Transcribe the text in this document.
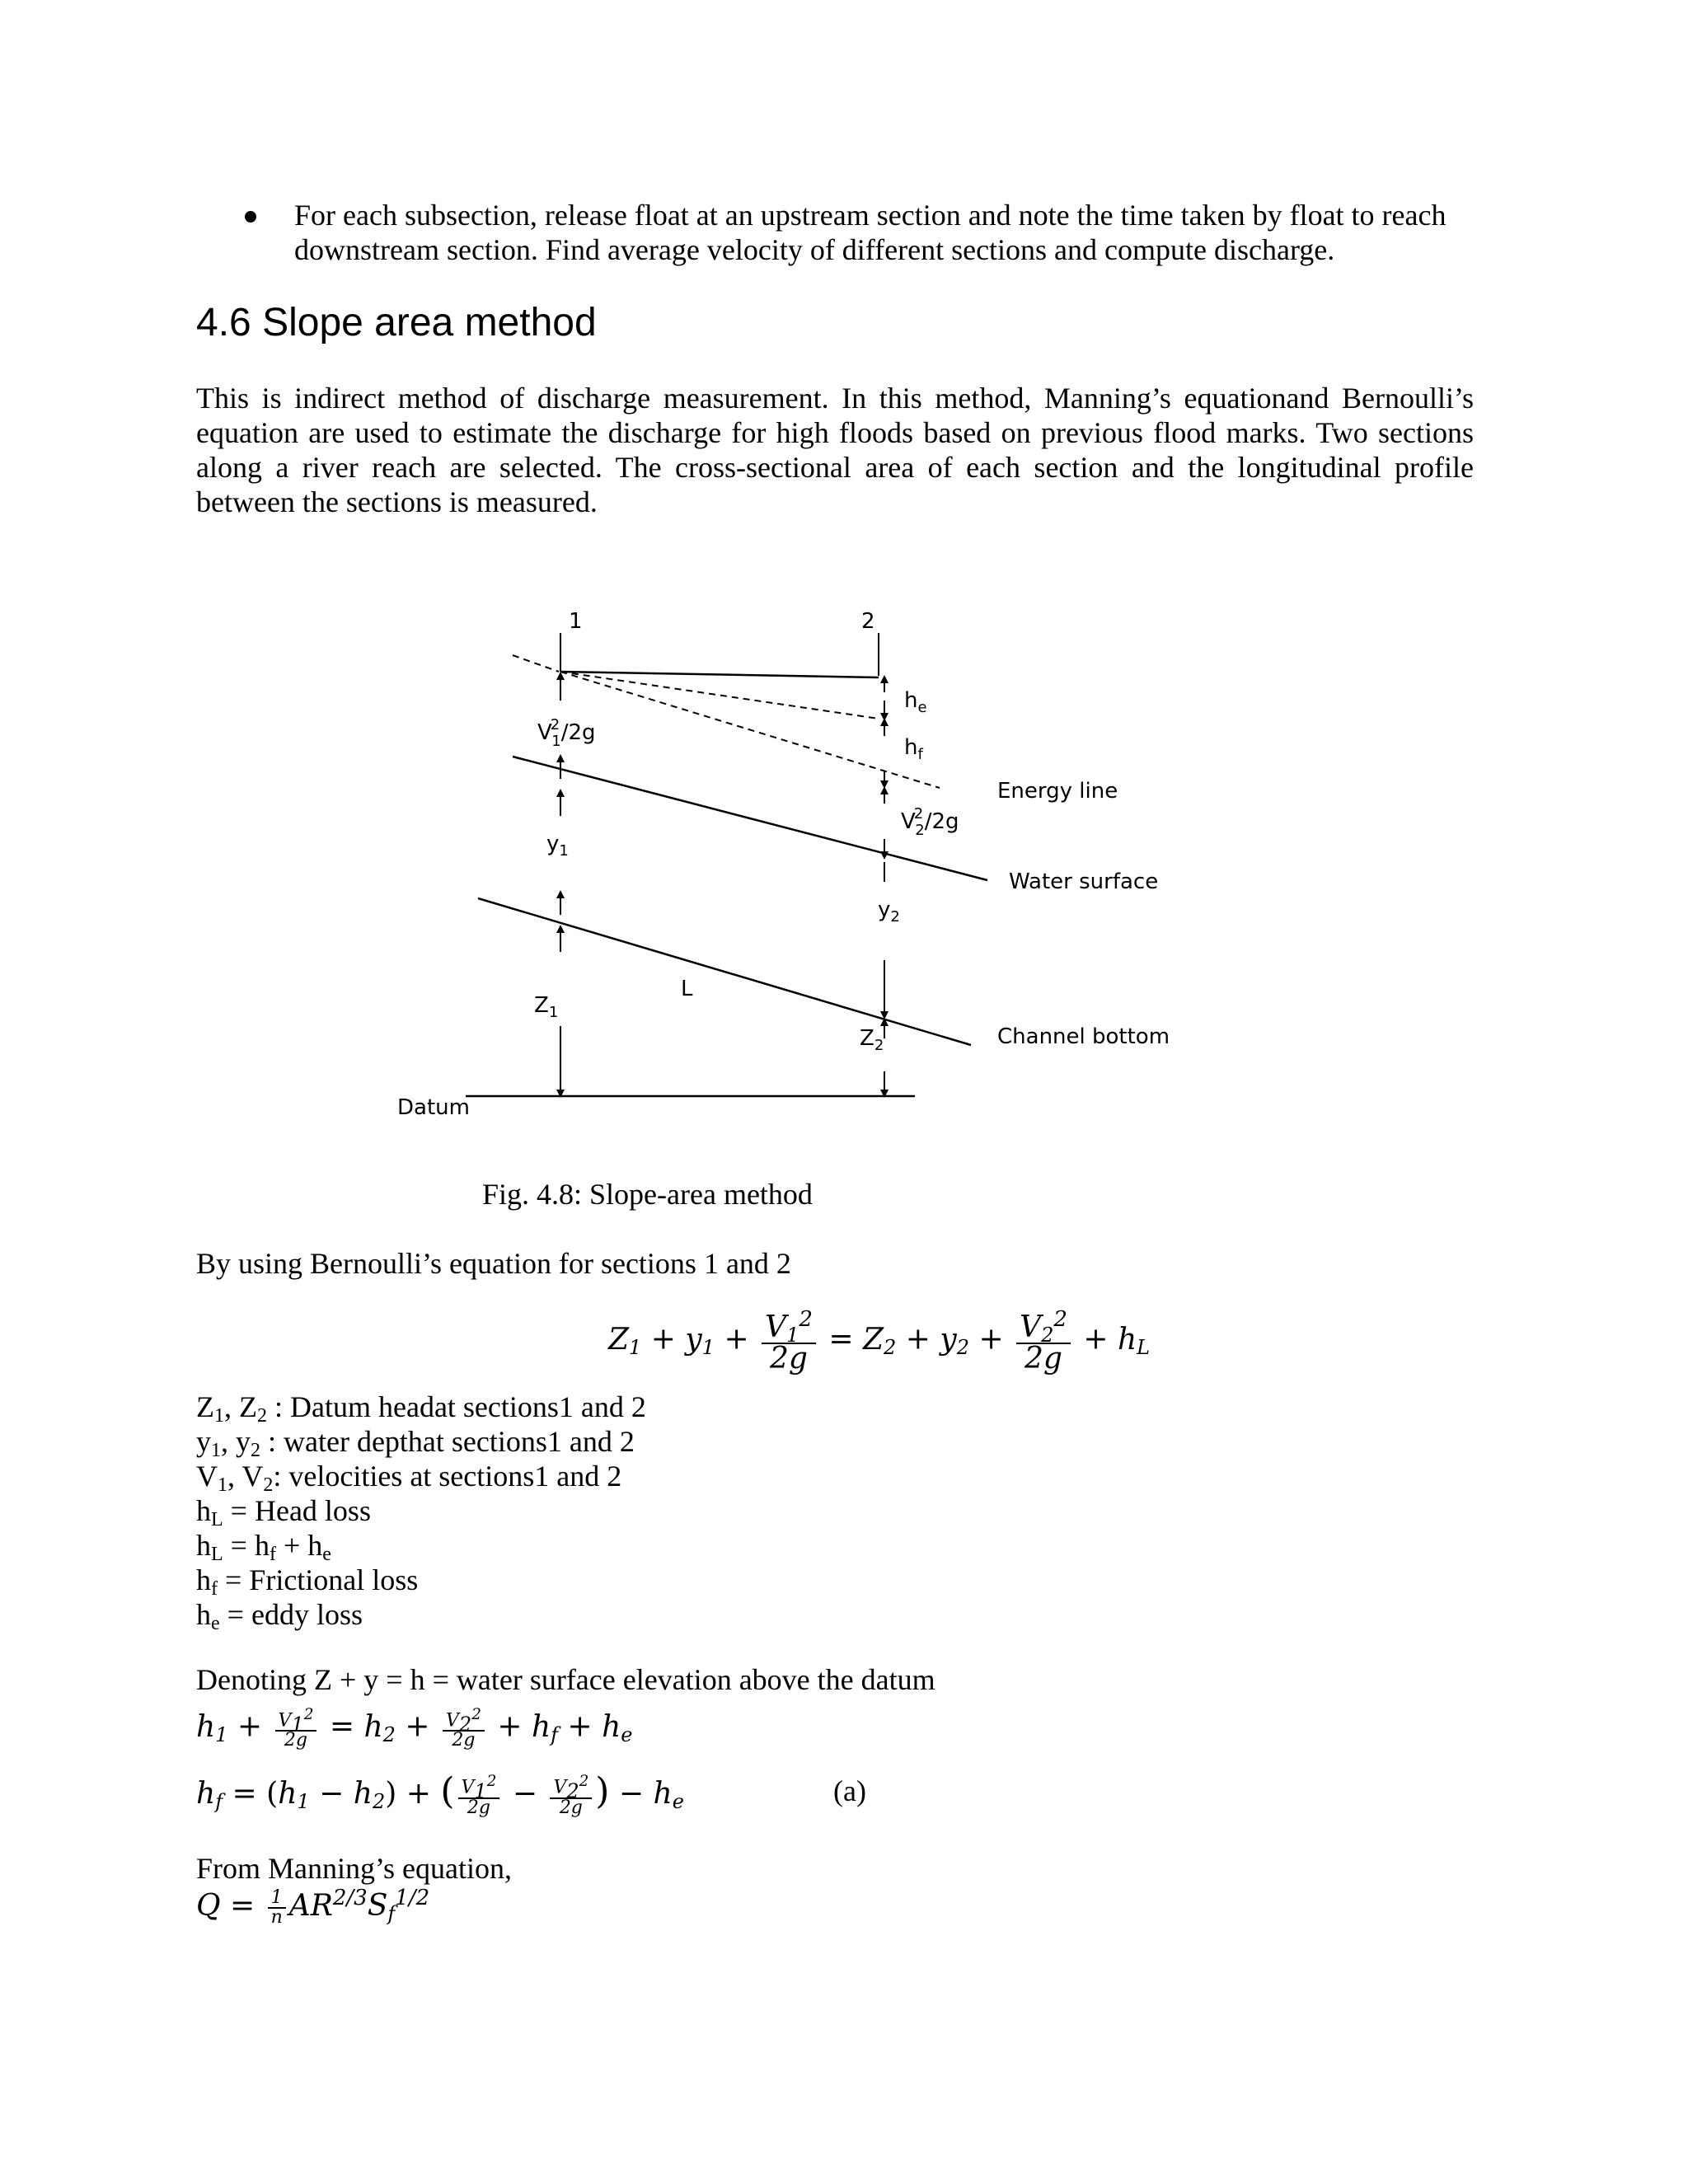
For each subsection, release float at an upstream section and note the time taken by float to reach downstream section. Find average velocity of different sections and compute discharge.
4.6 Slope area method
This is indirect method of discharge measurement. In this method, Manning’s equationand Bernoulli’s equation are used to estimate the discharge for high floods based on previous flood marks. Two sections along a river reach are selected. The cross-sectional area of each section and the longitudinal profile between the sections is measured.
1	2
V2 1/2g
$y_1$
$Z_1$
$h_e$
$h_f$
V2 2/2g
$y_2$
$Z_2$
L
Energy line
Water surface
Channel bottom
Datum
Fig. 4.8: Slope-area method
By using Bernoulli’s equation for sections 1 and 2
$Z_1 + y_1 + \frac{V_1^2}{2g} = Z_2 + y_2 + \frac{V_2^2}{2g} + h_L$
$Z_1$, $Z_2$ : Datum headat sections1 and 2
$y_1$, $y_2$ : water depthat sections1 and 2
$V_1$, $V_2$: velocities at sections1 and 2
$h_L$ = Head loss
$h_L = h_f + h_e$
$h_f$ = Frictional loss
$h_e$ = eddy loss
Denoting Z + y = h = water surface elevation above the datum
$h_1 + \frac{V_1^2}{2g} = h_2 + \frac{V_2^2}{2g} + h_f + h_e$
$h_f = (h_1 - h_2)$ + ( $\frac{V_1^2}{2g} - \frac{V_2^2}{2g}$ ) − $h_e$	(a)
From Manning’s equation,
$Q = \frac{1}{n} AR^{2/3}S_f^{1/2}$
